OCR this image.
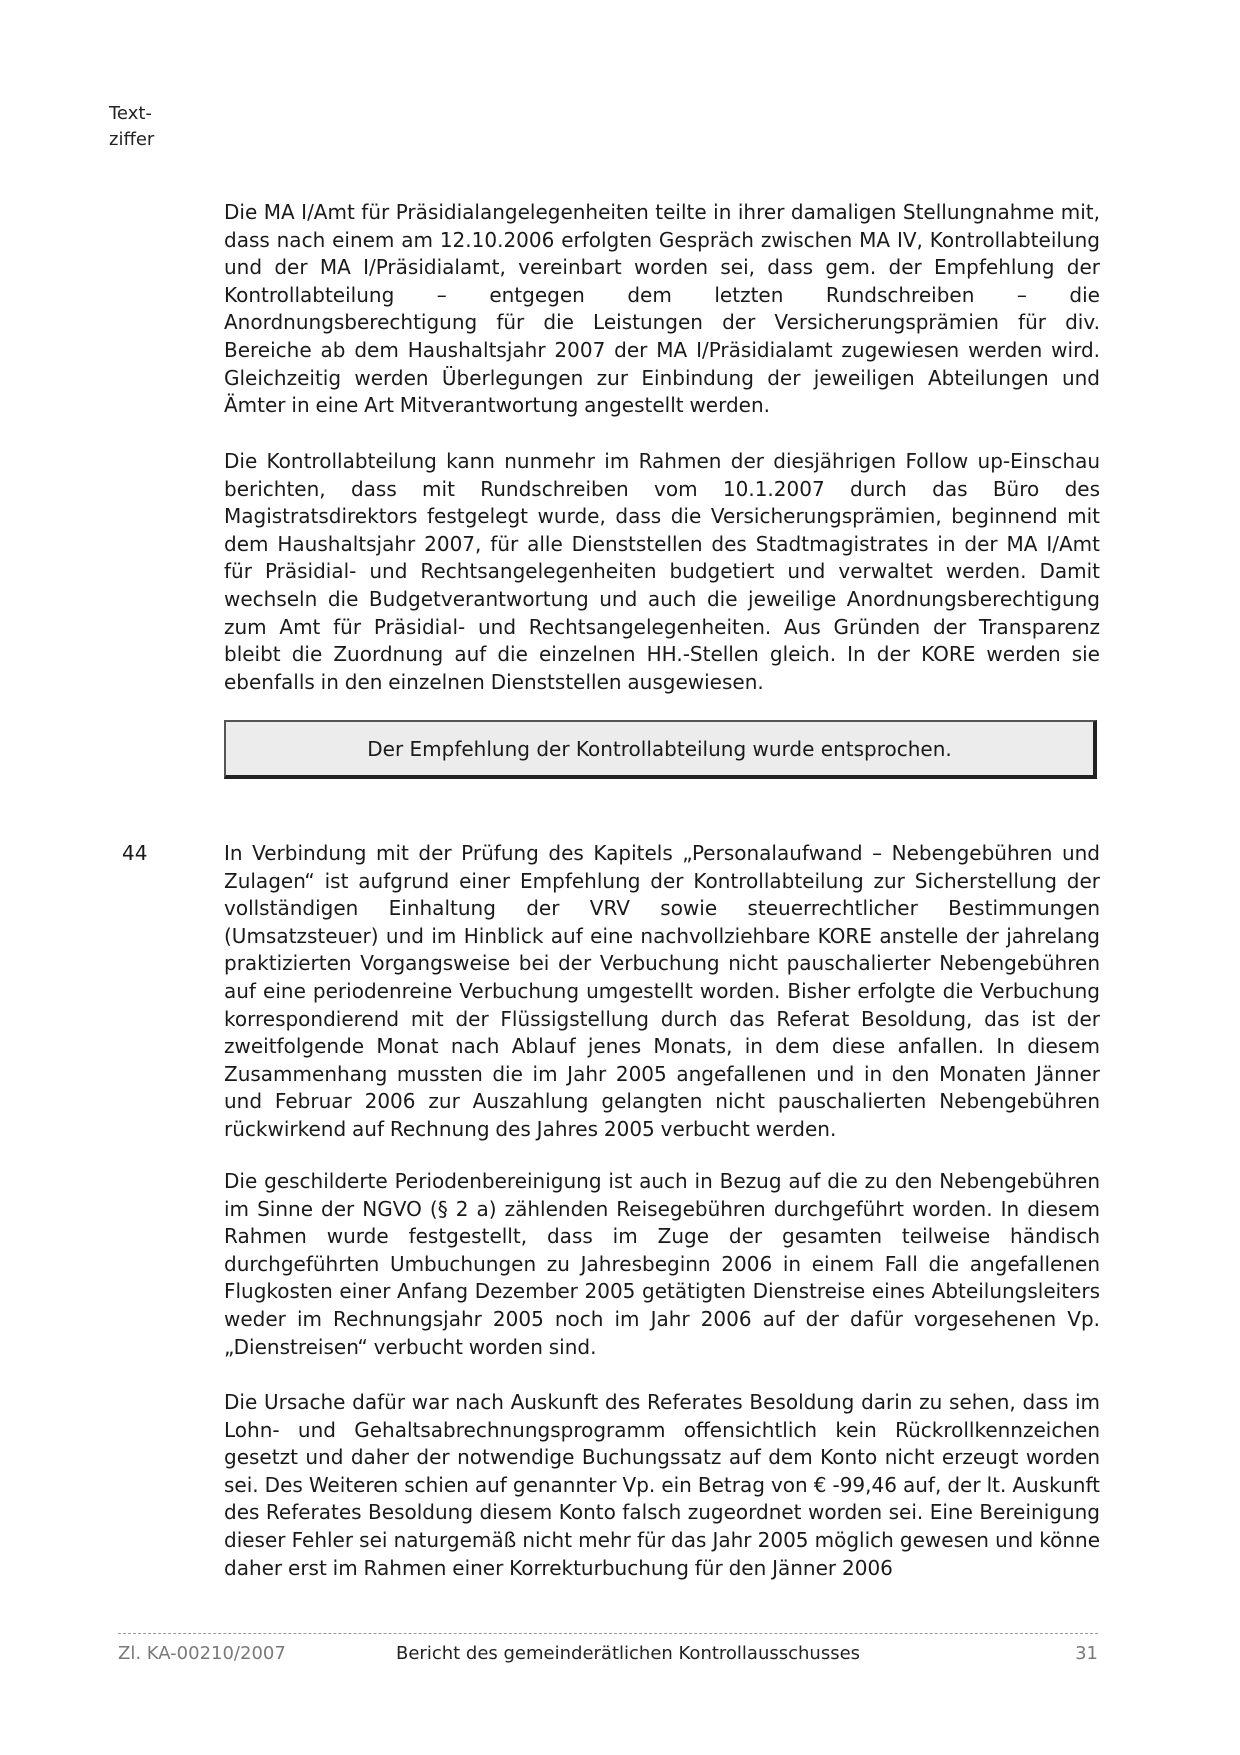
Text-
ziffer

Die MA I/Amt für Präsidialangelegenheiten teilte in ihrer damaligen Stellungnahme mit, dass nach einem am 12.10.2006 erfolgten Gespräch zwischen MA IV, Kontrollabteilung und der MA I/Präsidialamt, vereinbart worden sei, dass gem. der Empfehlung der Kontrollabteilung – entgegen dem letzten Rundschreiben – die Anordnungsberechtigung für die Leistungen der Versicherungsprämien für div. Bereiche ab dem Haushaltsjahr 2007 der MA I/Präsidialamt zugewiesen werden wird. Gleichzeitig werden Überlegungen zur Einbindung der jeweiligen Abteilungen und Ämter in eine Art Mitverantwortung angestellt werden.

Die Kontrollabteilung kann nunmehr im Rahmen der diesjährigen Follow up-Einschau berichten, dass mit Rundschreiben vom 10.1.2007 durch das Büro des Magistratsdirektors festgelegt wurde, dass die Versicherungsprämien, beginnend mit dem Haushaltsjahr 2007, für alle Dienststellen des Stadtmagistrates in der MA I/Amt für Präsidial- und Rechtsangelegenheiten budgetiert und verwaltet werden. Damit wechseln die Budgetverantwortung und auch die jeweilige Anordnungsberechtigung zum Amt für Präsidial- und Rechtsangelegenheiten. Aus Gründen der Transparenz bleibt die Zuordnung auf die einzelnen HH.-Stellen gleich. In der KORE werden sie ebenfalls in den einzelnen Dienststellen ausgewiesen.

Der Empfehlung der Kontrollabteilung wurde entsprochen.
44	In Verbindung mit der Prüfung des Kapitels „Personalaufwand – Nebengebühren und Zulagen“ ist aufgrund einer Empfehlung der Kontrollabteilung zur Sicherstellung der vollständigen Einhaltung der VRV sowie steuerrechtlicher Bestimmungen (Umsatzsteuer) und im Hinblick auf eine nachvollziehbare KORE anstelle der jahrelang praktizierten Vorgangsweise bei der Verbuchung nicht pauschalierter Nebengebühren auf eine periodenreine Verbuchung umgestellt worden. Bisher erfolgte die Verbuchung korrespondierend mit der Flüssigstellung durch das Referat Besoldung, das ist der zweitfolgende Monat nach Ablauf jenes Monats, in dem diese anfallen. In diesem Zusammenhang mussten die im Jahr 2005 angefallenen und in den Monaten Jänner und Februar 2006 zur Auszahlung gelangten nicht pauschalierten Nebengebühren rückwirkend auf Rechnung des Jahres 2005 verbucht werden.

Die geschilderte Periodenbereinigung ist auch in Bezug auf die zu den Nebengebühren im Sinne der NGVO (§ 2 a) zählenden Reisegebühren durchgeführt worden. In diesem Rahmen wurde festgestellt, dass im Zuge der gesamten teilweise händisch durchgeführten Umbuchungen zu Jahresbeginn 2006 in einem Fall die angefallenen Flugkosten einer Anfang Dezember 2005 getätigten Dienstreise eines Abteilungsleiters weder im Rechnungsjahr 2005 noch im Jahr 2006 auf der dafür vorgesehenen Vp. „Dienstreisen“ verbucht worden sind.

Die Ursache dafür war nach Auskunft des Referates Besoldung darin zu sehen, dass im Lohn- und Gehaltsabrechnungsprogramm offensichtlich kein Rückrollkennzeichen gesetzt und daher der notwendige Buchungssatz auf dem Konto nicht erzeugt worden sei. Des Weiteren schien auf genannter Vp. ein Betrag von € -99,46 auf, der lt. Auskunft des Referates Besoldung diesem Konto falsch zugeordnet worden sei. Eine Bereinigung dieser Fehler sei naturgemäß nicht mehr für das Jahr 2005 möglich gewesen und könne daher erst im Rahmen einer Korrekturbuchung für den Jänner 2006

Zl. KA-00210/2007	Bericht des gemeinderätlichen Kontrollausschusses	31
